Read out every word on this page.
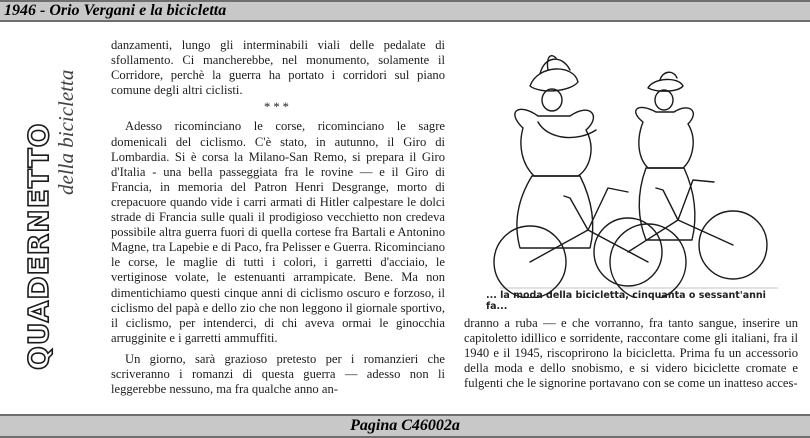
1946 - Orio Vergani e la bicicletta
QUADERNETTO della bicicletta

danzamenti, lungo gli interminabili viali delle pedalate di sfollamento. Ci mancherebbe, nel monumento, solamente il Corridore, perchè la guerra ha portato i corridori sul piano comune degli altri ciclisti.

***

Adesso ricominciano le corse, ricominciano le sagre domenicali del ciclismo. C'è stato, in autunno, il Giro di Lombardia. Si è corsa la Milano-San Remo, si prepara il Giro d'Italia - una bella passeggiata fra le rovine — e il Giro di Francia, in memoria del Patron Henri Desgrange, morto di crepacuore quando vide i carri armati di Hitler calpestare le dolci strade di Francia sulle quali il prodigioso vecchietto non credeva possibile altra guerra fuori di quella cortese fra Bartali e Antonino Magne, tra Lapebie e di Paco, fra Pelisser e Guerra. Ricominciano le corse, le maglie di tutti i colori, i garretti d'acciaio, le vertiginose volate, le estenuanti arrampicate. Bene. Ma non dimentichiamo questi cinque anni di ciclismo oscuro e forzoso, il ciclismo del papà e dello zio che non leggono il giornale sportivo, il ciclismo, per intenderci, di chi aveva ormai le ginocchia arrugginite e i garretti ammuffiti.

Un giorno, sarà grazioso pretesto per i romanzieri che scriveranno i romanzi di questa guerra — adesso non li leggerebbe nessuno, ma fra qualche anno an-

... la moda della bicicletta, cinquanta o sessant'anni fa...

dranno a ruba — e che vorranno, fra tanto sangue, inserire un capitoletto idillico e sorridente, raccontare come gli italiani, fra il 1940 e il 1945, riscoprirono la bicicletta. Prima fu un accessorio della moda e dello snobismo, e si videro biciclette cromate e fulgenti che le signorine portavano con se come un inatteso acces-

Pagina C46002a
